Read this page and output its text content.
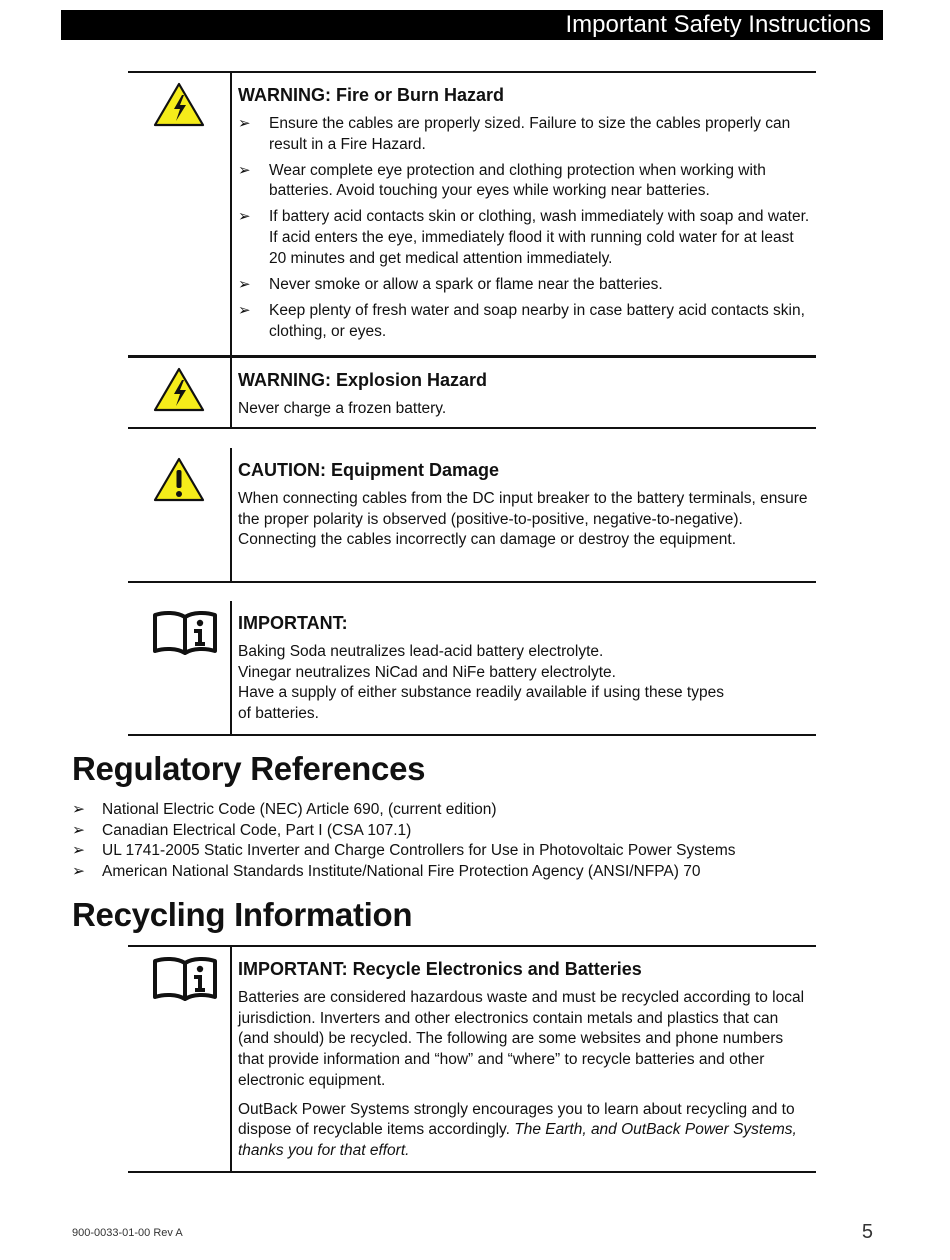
Important Safety Instructions
WARNING: Fire or Burn Hazard
➢ Ensure the cables are properly sized. Failure to size the cables properly can result in a Fire Hazard.
➢ Wear complete eye protection and clothing protection when working with batteries. Avoid touching your eyes while working near batteries.
➢ If battery acid contacts skin or clothing, wash immediately with soap and water. If acid enters the eye, immediately flood it with running cold water for at least 20 minutes and get medical attention immediately.
➢ Never smoke or allow a spark or flame near the batteries.
➢ Keep plenty of fresh water and soap nearby in case battery acid contacts skin, clothing, or eyes.
WARNING: Explosion Hazard
Never charge a frozen battery.
CAUTION: Equipment Damage
When connecting cables from the DC input breaker to the battery terminals, ensure the proper polarity is observed (positive-to-positive, negative-to-negative). Connecting the cables incorrectly can damage or destroy the equipment.
IMPORTANT:
Baking Soda neutralizes lead-acid battery electrolyte.
Vinegar neutralizes NiCad and NiFe battery electrolyte.
Have a supply of either substance readily available if using these types
of batteries.
Regulatory References
➢ National Electric Code (NEC) Article 690, (current edition)
➢ Canadian Electrical Code, Part I (CSA 107.1)
➢ UL 1741-2005 Static Inverter and Charge Controllers for Use in Photovoltaic Power Systems
➢ American National Standards Institute/National Fire Protection Agency (ANSI/NFPA) 70
Recycling Information
IMPORTANT: Recycle Electronics and Batteries

Batteries are considered hazardous waste and must be recycled according to local jurisdiction. Inverters and other electronics contain metals and plastics that can (and should) be recycled. The following are some websites and phone numbers that provide information and “how” and “where” to recycle batteries and other electronic equipment.

OutBack Power Systems strongly encourages you to learn about recycling and to dispose of recyclable items accordingly. The Earth, and OutBack Power Systems, thanks you for that effort.

900-0033-01-00 Rev A	5
